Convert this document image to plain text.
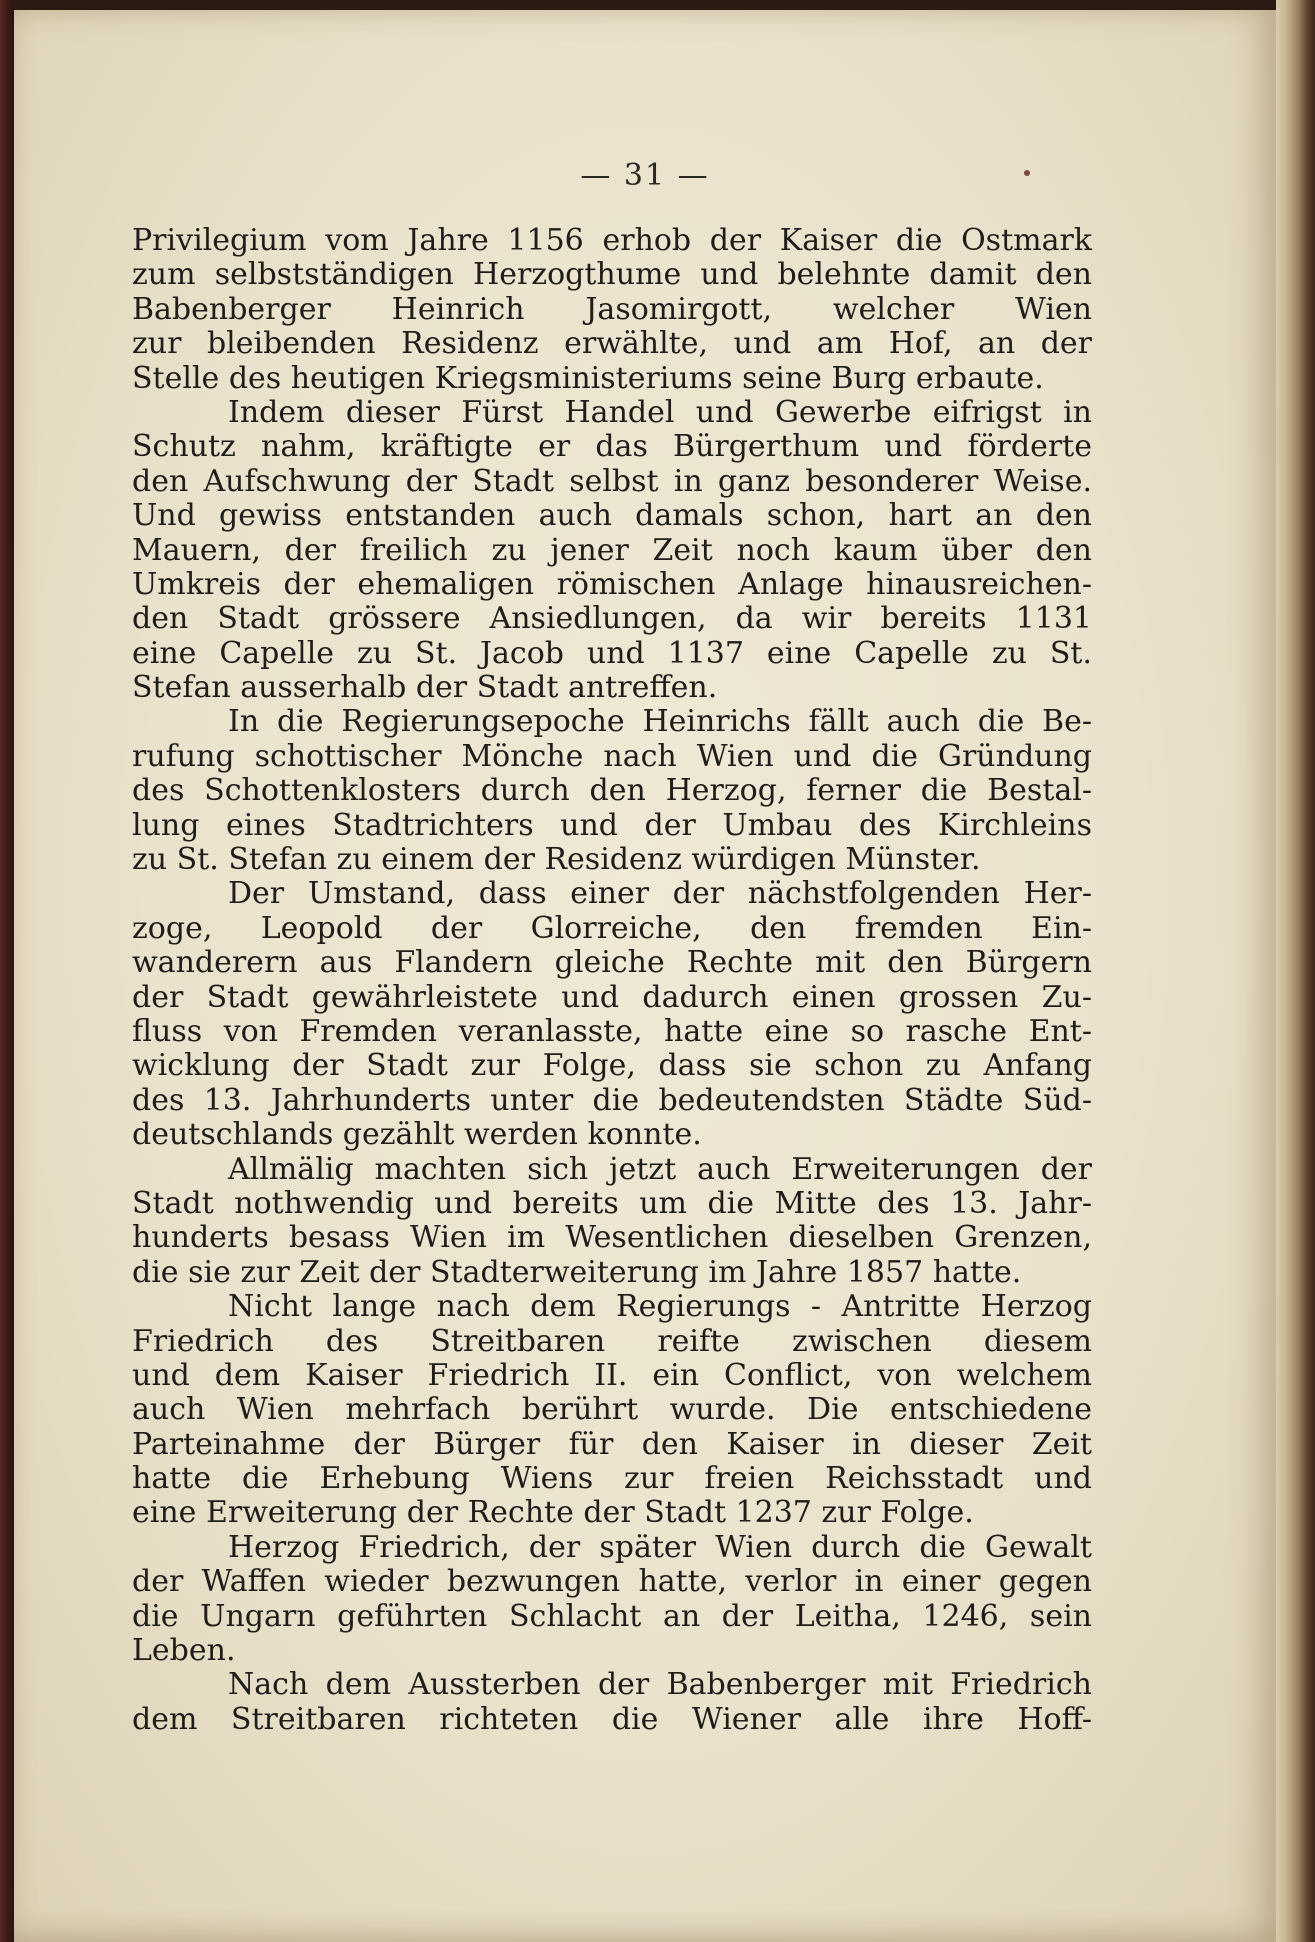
— 31 —
Privilegium vom Jahre 1156 erhob der Kaiser die Ostmark
zum selbstständigen Herzogthume und belehnte damit den
Babenberger Heinrich Jasomirgott, welcher Wien
zur bleibenden Residenz erwählte, und am Hof, an der
Stelle des heutigen Kriegsministeriums seine Burg erbaute.
Indem dieser Fürst Handel und Gewerbe eifrigst in
Schutz nahm, kräftigte er das Bürgerthum und förderte
den Aufschwung der Stadt selbst in ganz besonderer Weise.
Und gewiss entstanden auch damals schon, hart an den
Mauern, der freilich zu jener Zeit noch kaum über den
Umkreis der ehemaligen römischen Anlage hinausreichen-
den Stadt grössere Ansiedlungen, da wir bereits 1131
eine Capelle zu St. Jacob und 1137 eine Capelle zu St.
Stefan ausserhalb der Stadt antreffen.
In die Regierungsepoche Heinrichs fällt auch die Be-
rufung schottischer Mönche nach Wien und die Gründung
des Schottenklosters durch den Herzog, ferner die Bestal-
lung eines Stadtrichters und der Umbau des Kirchleins
zu St. Stefan zu einem der Residenz würdigen Münster.
Der Umstand, dass einer der nächstfolgenden Her-
zoge, Leopold der Glorreiche, den fremden Ein-
wanderern aus Flandern gleiche Rechte mit den Bürgern
der Stadt gewährleistete und dadurch einen grossen Zu-
fluss von Fremden veranlasste, hatte eine so rasche Ent-
wicklung der Stadt zur Folge, dass sie schon zu Anfang
des 13. Jahrhunderts unter die bedeutendsten Städte Süd-
deutschlands gezählt werden konnte.
Allmälig machten sich jetzt auch Erweiterungen der
Stadt nothwendig und bereits um die Mitte des 13. Jahr-
hunderts besass Wien im Wesentlichen dieselben Grenzen,
die sie zur Zeit der Stadterweiterung im Jahre 1857 hatte.
Nicht lange nach dem Regierungs - Antritte Herzog
Friedrich des Streitbaren reifte zwischen diesem
und dem Kaiser Friedrich II. ein Conflict, von welchem
auch Wien mehrfach berührt wurde. Die entschiedene
Parteinahme der Bürger für den Kaiser in dieser Zeit
hatte die Erhebung Wiens zur freien Reichsstadt und
eine Erweiterung der Rechte der Stadt 1237 zur Folge.
Herzog Friedrich, der später Wien durch die Gewalt
der Waffen wieder bezwungen hatte, verlor in einer gegen
die Ungarn geführten Schlacht an der Leitha, 1246, sein
Leben.
Nach dem Aussterben der Babenberger mit Friedrich
dem Streitbaren richteten die Wiener alle ihre Hoff-
